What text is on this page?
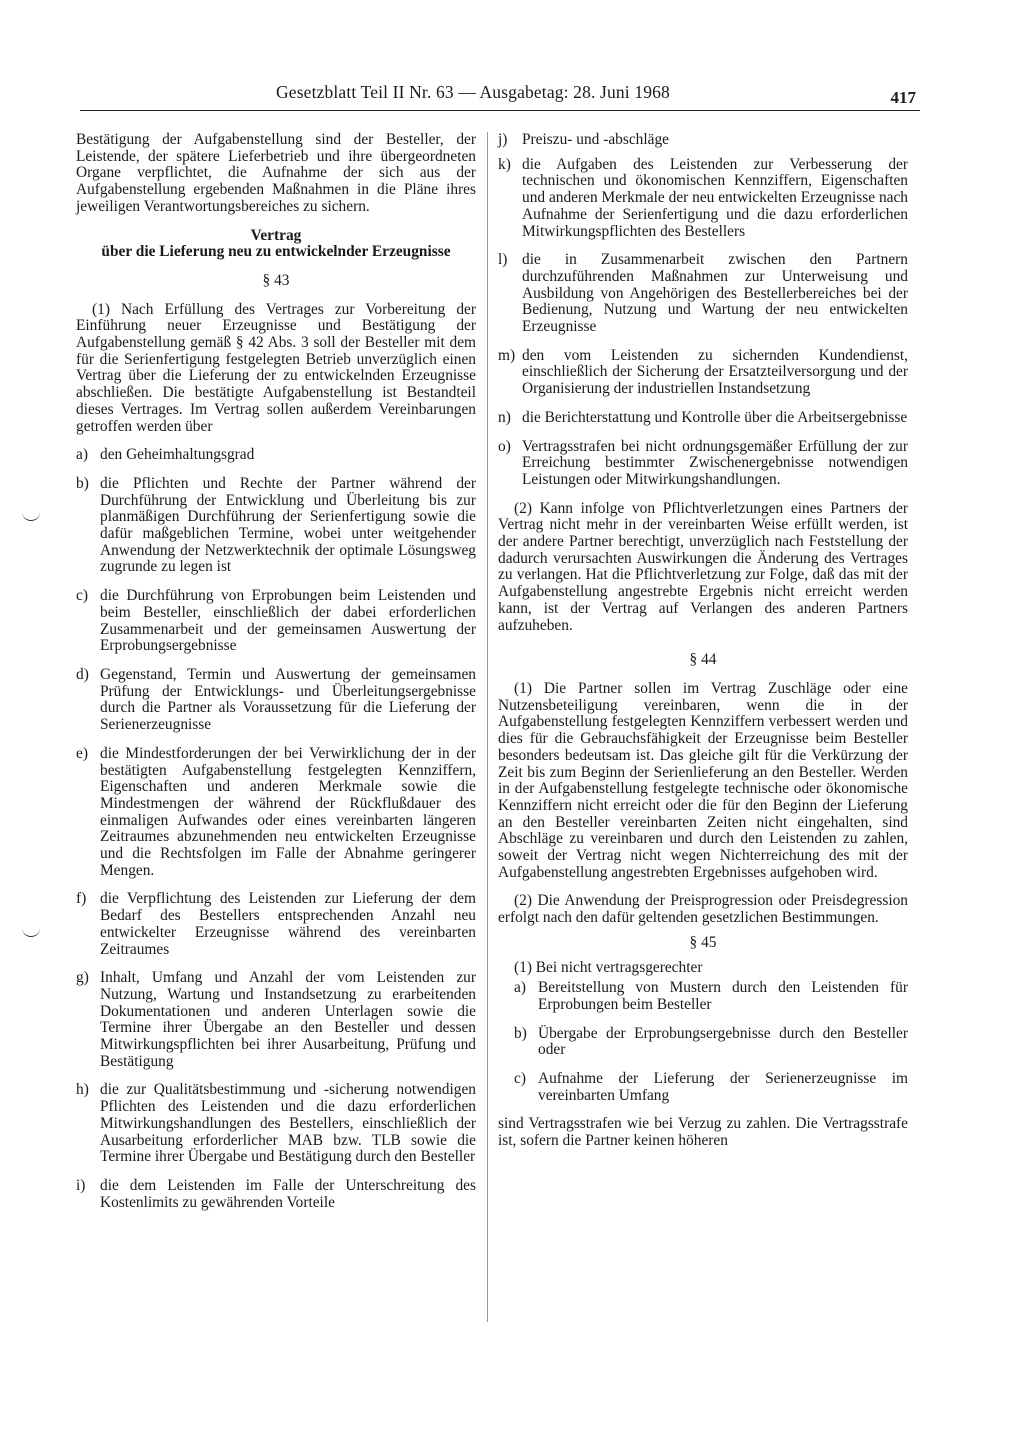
Gesetzblatt Teil II Nr. 63 — Ausgabetag: 28. Juni 1968	417

Bestätigung der Aufgabenstellung sind der Besteller, der Leistende, der spätere Lieferbetrieb und ihre übergeordneten Organe verpflichtet, die Aufnahme der sich aus der Aufgabenstellung ergebenden Maßnahmen in die Pläne ihres jeweiligen Verantwortungsbereiches zu sichern.

Vertrag

über die Lieferung neu zu entwickelnder Erzeugnisse

§ 43

(1) Nach Erfüllung des Vertrages zur Vorbereitung der Einführung neuer Erzeugnisse und Bestätigung der Aufgabenstellung gemäß § 42 Abs. 3 soll der Besteller mit dem für die Serienfertigung festgelegten Betrieb unverzüglich einen Vertrag über die Lieferung der zu entwickelnden Erzeugnisse abschließen. Die bestätigte Aufgabenstellung ist Bestandteil dieses Vertrages. Im Vertrag sollen außerdem Vereinbarungen getroffen werden über

a) den Geheimhaltungsgrad
b) die Pflichten und Rechte der Partner während der Durchführung der Entwicklung und Überleitung bis zur planmäßigen Durchführung der Serienfertigung sowie die dafür maßgeblichen Termine, wobei unter weitgehender Anwendung der Netzwerktechnik der optimale Lösungsweg zugrunde zu legen ist
c) die Durchführung von Erprobungen beim Leistenden und beim Besteller, einschließlich der dabei erforderlichen Zusammenarbeit und der gemeinsamen Auswertung der Erprobungsergebnisse
d) Gegenstand, Termin und Auswertung der gemeinsamen Prüfung der Entwicklungs- und Überleitungsergebnisse durch die Partner als Voraussetzung für die Lieferung der Serienerzeugnisse
e) die Mindestforderungen der bei Verwirklichung der in der bestätigten Aufgabenstellung festgelegten Kennziffern, Eigenschaften und anderen Merkmale sowie die Mindestmengen der während der Rückflußdauer des einmaligen Aufwandes oder eines vereinbarten längeren Zeitraumes abzunehmenden neu entwickelten Erzeugnisse und die Rechtsfolgen im Falle der Abnahme geringerer Mengen.
f) die Verpflichtung des Leistenden zur Lieferung der dem Bedarf des Bestellers entsprechenden Anzahl neu entwickelter Erzeugnisse während des vereinbarten Zeitraumes
g) Inhalt, Umfang und Anzahl der vom Leistenden zur Nutzung, Wartung und Instandsetzung zu erarbeitenden Dokumentationen und anderen Unterlagen sowie die Termine ihrer Übergabe an den Besteller und dessen Mitwirkungspflichten bei ihrer Ausarbeitung, Prüfung und Bestätigung
h) die zur Qualitätsbestimmung und -sicherung notwendigen Pflichten des Leistenden und die dazu erforderlichen Mitwirkungshandlungen des Bestellers, einschließlich der Ausarbeitung erforderlicher MAB bzw. TLB sowie die Termine ihrer Übergabe und Bestätigung durch den Besteller
i) die dem Leistenden im Falle der Unterschreitung des Kostenlimits zu gewährenden Vorteile
j) Preiszu- und -abschläge
k) die Aufgaben des Leistenden zur Verbesserung der technischen und ökonomischen Kennziffern, Eigenschaften und anderen Merkmale der neu entwickelten Erzeugnisse nach Aufnahme der Serienfertigung und die dazu erforderlichen Mitwirkungspflichten des Bestellers
l) die in Zusammenarbeit zwischen den Partnern durchzuführenden Maßnahmen zur Unterweisung und Ausbildung von Angehörigen des Bestellerbereiches bei der Bedienung, Nutzung und Wartung der neu entwickelten Erzeugnisse
m) den vom Leistenden zu sichernden Kundendienst, einschließlich der Sicherung der Ersatzteilversorgung und der Organisierung der industriellen Instandsetzung
n) die Berichterstattung und Kontrolle über die Arbeitsergebnisse
o) Vertragsstrafen bei nicht ordnungsgemäßer Erfüllung der zur Erreichung bestimmter Zwischenergebnisse notwendigen Leistungen oder Mitwirkungshandlungen.

(2) Kann infolge von Pflichtverletzungen eines Partners der Vertrag nicht mehr in der vereinbarten Weise erfüllt werden, ist der andere Partner berechtigt, unverzüglich nach Feststellung der dadurch verursachten Auswirkungen die Änderung des Vertrages zu verlangen. Hat die Pflichtverletzung zur Folge, daß das mit der Aufgabenstellung angestrebte Ergebnis nicht erreicht werden kann, ist der Vertrag auf Verlangen des anderen Partners aufzuheben.

§ 44

(1) Die Partner sollen im Vertrag Zuschläge oder eine Nutzensbeteiligung vereinbaren, wenn die in der Aufgabenstellung festgelegten Kennziffern verbessert werden und dies für die Gebrauchsfähigkeit der Erzeugnisse beim Besteller besonders bedeutsam ist. Das gleiche gilt für die Verkürzung der Zeit bis zum Beginn der Serienlieferung an den Besteller. Werden in der Aufgabenstellung festgelegte technische oder ökonomische Kennziffern nicht erreicht oder die für den Beginn der Lieferung an den Besteller vereinbarten Zeiten nicht eingehalten, sind Abschläge zu vereinbaren und durch den Leistenden zu zahlen, soweit der Vertrag nicht wegen Nichterreichung des mit der Aufgabenstellung angestrebten Ergebnisses aufgehoben wird.

(2) Die Anwendung der Preisprogression oder Preisdegression erfolgt nach den dafür geltenden gesetzlichen Bestimmungen.

§ 45

(1) Bei nicht vertragsgerechter

a) Bereitstellung von Mustern durch den Leistenden für Erprobungen beim Besteller
b) Übergabe der Erprobungsergebnisse durch den Besteller oder
c) Aufnahme der Lieferung der Serienerzeugnisse im vereinbarten Umfang

sind Vertragsstrafen wie bei Verzug zu zahlen. Die Vertragsstrafe ist, sofern die Partner keinen höheren
